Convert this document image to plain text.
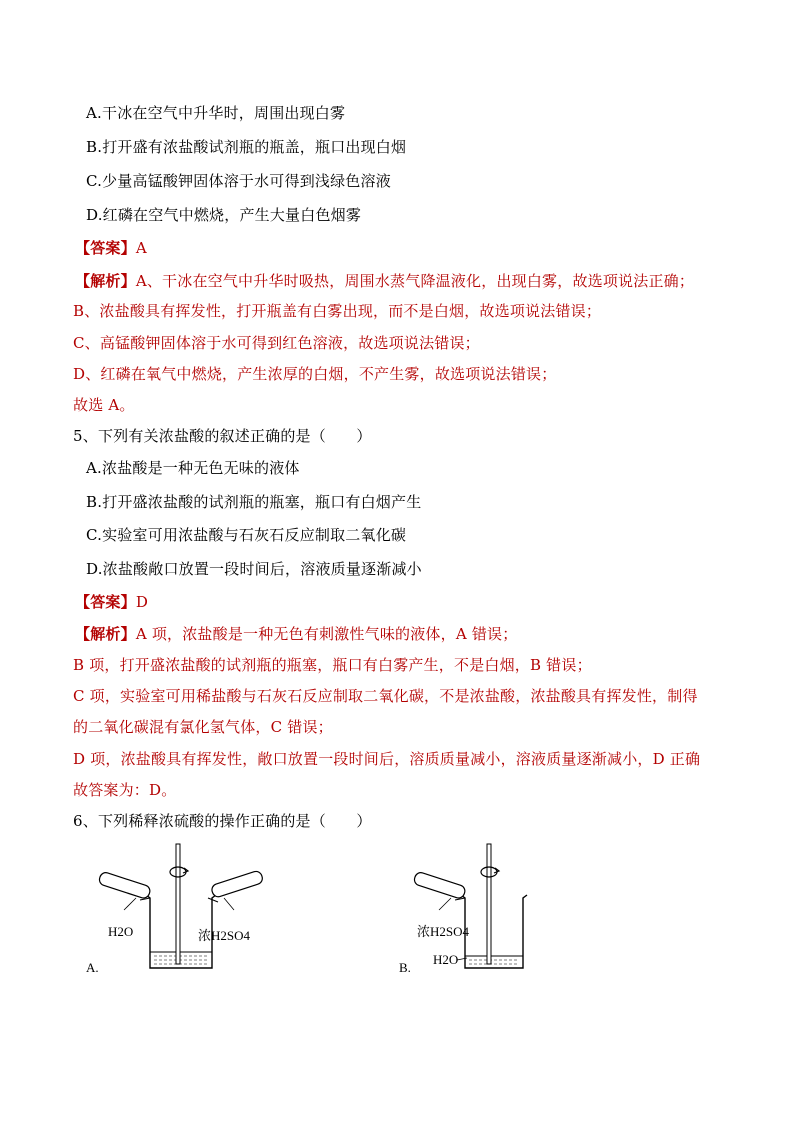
A.干冰在空气中升华时，周围出现白雾
B.打开盛有浓盐酸试剂瓶的瓶盖，瓶口出现白烟
C.少量高锰酸钾固体溶于水可得到浅绿色溶液
D.红磷在空气中燃烧，产生大量白色烟雾
【答案】A
【解析】A、干冰在空气中升华时吸热，周围水蒸气降温液化，出现白雾，故选项说法正确；
B、浓盐酸具有挥发性，打开瓶盖有白雾出现，而不是白烟，故选项说法错误；
C、高锰酸钾固体溶于水可得到红色溶液，故选项说法错误；
D、红磷在氧气中燃烧，产生浓厚的白烟，不产生雾，故选项说法错误；
故选 A。
5、下列有关浓盐酸的叙述正确的是（　　）
A.浓盐酸是一种无色无味的液体
B.打开盛浓盐酸的试剂瓶的瓶塞，瓶口有白烟产生
C.实验室可用浓盐酸与石灰石反应制取二氧化碳
D.浓盐酸敞口放置一段时间后，溶液质量逐渐减小
【答案】D
【解析】A 项，浓盐酸是一种无色有刺激性气味的液体，A 错误；
B 项，打开盛浓盐酸的试剂瓶的瓶塞，瓶口有白雾产生，不是白烟，B 错误；
C 项，实验室可用稀盐酸与石灰石反应制取二氧化碳，不是浓盐酸，浓盐酸具有挥发性，制得
的二氧化碳混有氯化氢气体，C 错误；
D 项，浓盐酸具有挥发性，敞口放置一段时间后，溶质质量减小，溶液质量逐渐减小，D 正确
故答案为：D。
6、下列稀释浓硫酸的操作正确的是（　　）
H2O	浓H2SO4
A.
浓H2SO4
H2O
B.
